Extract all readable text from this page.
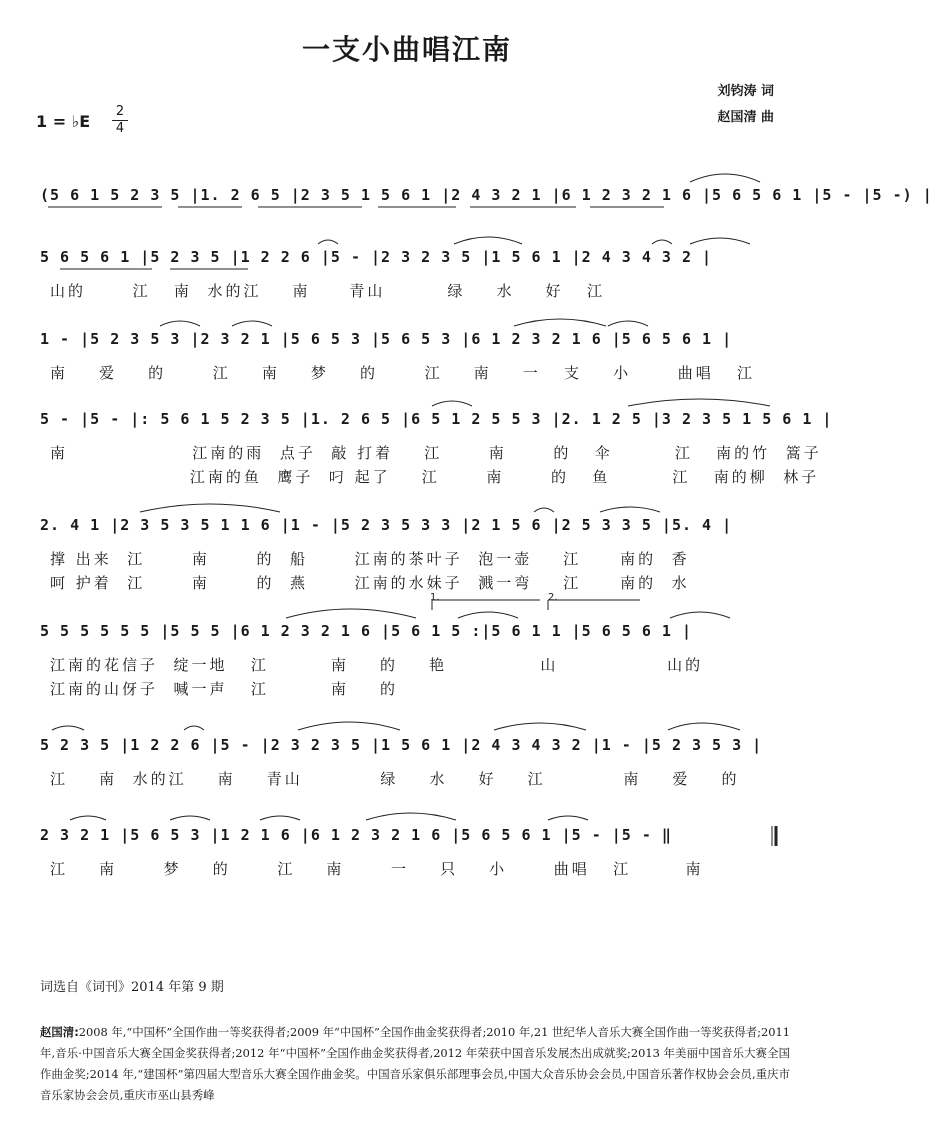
一支小曲唱江南
刘钧涛 词
赵国清 曲
1 = ♭E
2
4
(5 6 1 5 2 3 5 |1. 2 6 5 |2 3 5 1 5 6 1 |2 4 3 2 1 |6 1 2 3 2 1 6 |5 6 5 6 1 |5 - |5 -) |
5 6 5 6 1 |5 2 3 5 |1 2 2 6 |5 - |2 3 2 3 5 |1 5 6 1 |2 4 3 4 3 2 |
山的      江   南  水的江    南     青山        绿    水    好   江
1 - |5 2 3 5 3 |2 3 2 1 |5 6 5 3 |5 6 5 3 |6 1 2 3 2 1 6 |5 6 5 6 1 |
南    爱    的      江    南    梦    的      江    南    一   支    小      曲唱   江
5 - |5 - |: 5 6 1 5 2 3 5 |1. 2 6 5 |6 5 1 2 5 5 3 |2. 1 2 5 |3 2 3 5 1 5 6 1 |
南                江南的雨  点子  敲 打着    江      南      的   伞        江   南的竹  篙子
江南的鱼  鹰子  叼 起了    江      南      的   鱼        江   南的柳  林子
2. 4 1 |2 3 5 3 5 1 1 6 |1 - |5 2 3 5 3 3 |2 1 5 6 |2 5 3 3 5 |5. 4 |
撑 出来  江      南      的  船      江南的茶叶子  泡一壶    江     南的  香
呵 护着  江      南      的  燕      江南的水妹子  溅一弯    江     南的  水
5 5 5 5 5 5 |5 5 5 |6 1 2 3 2 1 6 |5 6 1 5 :|5 6 1 1 |5 6 5 6 1 |
江南的花信子  绽一地   江        南    的    艳            山              山的
江南的山伢子  喊一声   江        南    的
5 2 3 5 |1 2 2 6 |5 - |2 3 2 3 5 |1 5 6 1 |2 4 3 4 3 2 |1 - |5 2 3 5 3 |
江    南  水的江    南    青山          绿    水    好    江          南    爱    的
2 3 2 1 |5 6 5 3 |1 2 1 6 |6 1 2 3 2 1 6 |5 6 5 6 1 |5 - |5 - ‖
江    南      梦    的      江    南      一    只    小      曲唱   江       南
1.	2.
词选自《词刊》2014 年第 9 期
赵国清:2008 年,“中国杯”全国作曲一等奖获得者;2009 年“中国杯”全国作曲金奖获得者;2010 年,21 世纪华人音乐大赛全国作曲一等奖获得者;2011 年,音乐·中国音乐大赛全国金奖获得者;2012 年“中国杯”全国作曲金奖获得者,2012 年荣获中国音乐发展杰出成就奖;2013 年美丽中国音乐大赛全国作曲金奖;2014 年,“建国杯”第四届大型音乐大赛全国作曲金奖。中国音乐家俱乐部理事会员,中国大众音乐协会会员,中国音乐著作权协会会员,重庆市音乐家协会会员,重庆市巫山县秀峰
